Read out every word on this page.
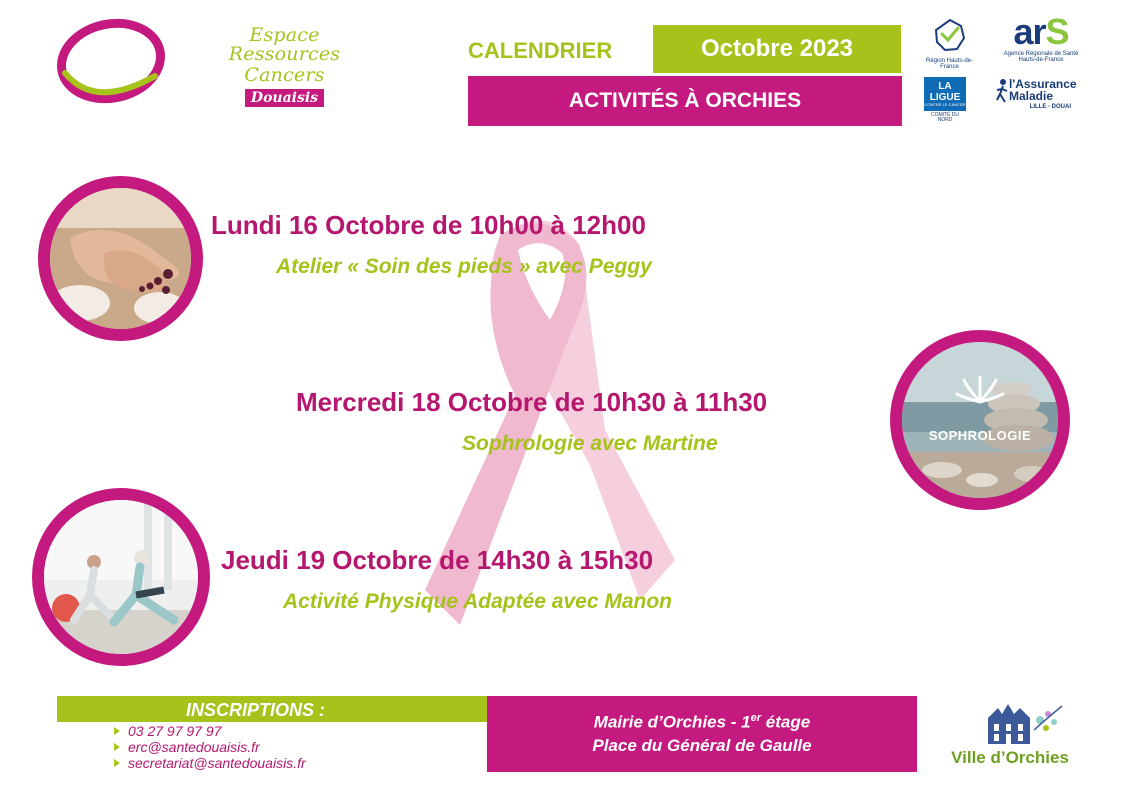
Espace Ressources
Cancers
Douaisis
CALENDRIER	Octobre 2023
ACTIVITÉS À ORCHIES
Région Hauts-de-France
arS
Agence Régionale de Santé Hauts-de-France
LA LIGUE
CONTRE LE CANCER
COMITÉ DU NORD
l'Assurance
Maladie
LILLE - DOUAI
SOPHROLOGIE
Lundi 16 Octobre de 10h00 à 12h00
Atelier « Soin des pieds » avec Peggy
Mercredi 18 Octobre de 10h30 à 11h30
Sophrologie avec Martine
Jeudi 19 Octobre de 14h30 à 15h30
Activité Physique Adaptée avec Manon
INSCRIPTIONS :
03 27 97 97 97
erc@santedouaisis.fr
secretariat@santedouaisis.fr
Mairie d’Orchies - 1er étage
Place du Général de Gaulle
Ville d’Orchies
